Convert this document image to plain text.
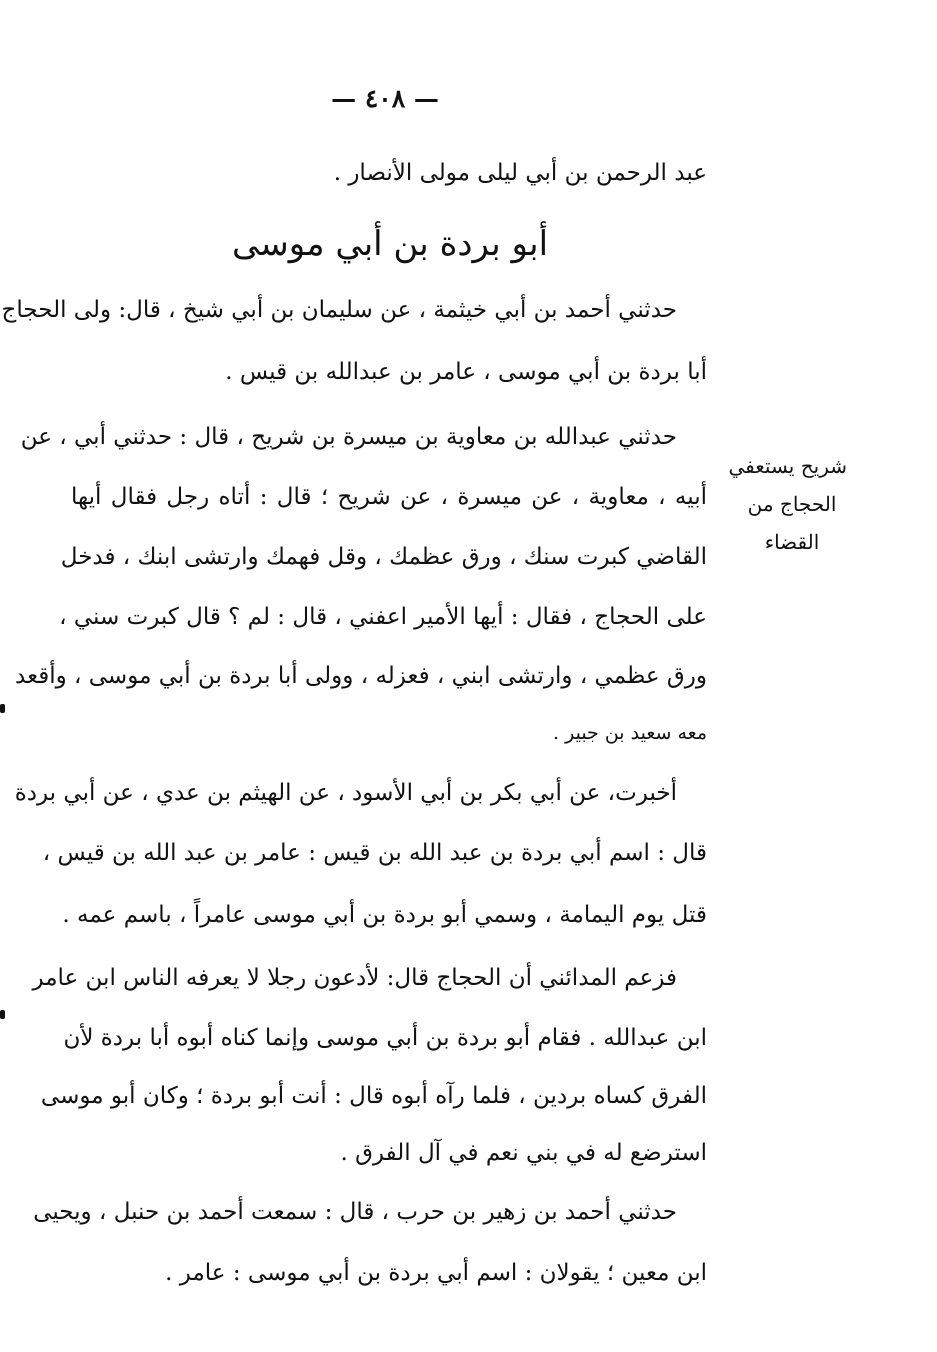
— ٤٠٨ —
عبد الرحمن بن أبي ليلى مولى الأنصار .
أبو بردة بن أبي موسى
حدثني أحمد بن أبي خيثمة ، عن سليمان بن أبي شيخ ، قال: ولى الحجاج
أبا بردة بن أبي موسى ، عامر بن عبدالله بن قيس .
حدثني عبدالله بن معاوية بن ميسرة بن شريح ، قال : حدثني أبي ، عن
أبيه ، معاوية ، عن ميسرة ، عن شريح ؛ قال : أتاه رجل فقال أيها
القاضي كبرت سنك ، ورق عظمك ، وقل فهمك وارتشى ابنك ، فدخل
على الحجاج ، فقال : أيها الأمير اعفني ، قال : لم ؟ قال كبرت سني ،
ورق عظمي ، وارتشى ابني ، فعزله ، وولى أبا بردة بن أبي موسى ، وأقعد
معه سعيد بن جبير .
أخبرت، عن أبي بكر بن أبي الأسود ، عن الهيثم بن عدي ، عن أبي بردة
قال : اسم أبي بردة بن عبد الله بن قيس : عامر بن عبد الله بن قيس ،
قتل يوم اليمامة ، وسمي أبو بردة بن أبي موسى عامراً ، باسم عمه .
فزعم المدائني أن الحجاج قال: لأدعون رجلا لا يعرفه الناس ابن عامر
ابن عبدالله . فقام أبو بردة بن أبي موسى وإنما كناه أبوه أبا بردة لأن
الفرق كساه بردين ، فلما رآه أبوه قال : أنت أبو بردة ؛ وكان أبو موسى
استرضع له في بني نعم في آل الفرق .
حدثني أحمد بن زهير بن حرب ، قال : سمعت أحمد بن حنبل ، ويحيى
ابن معين ؛ يقولان : اسم أبي بردة بن أبي موسى : عامر .
شريح يستعفي
الحجاج من
القضاء
